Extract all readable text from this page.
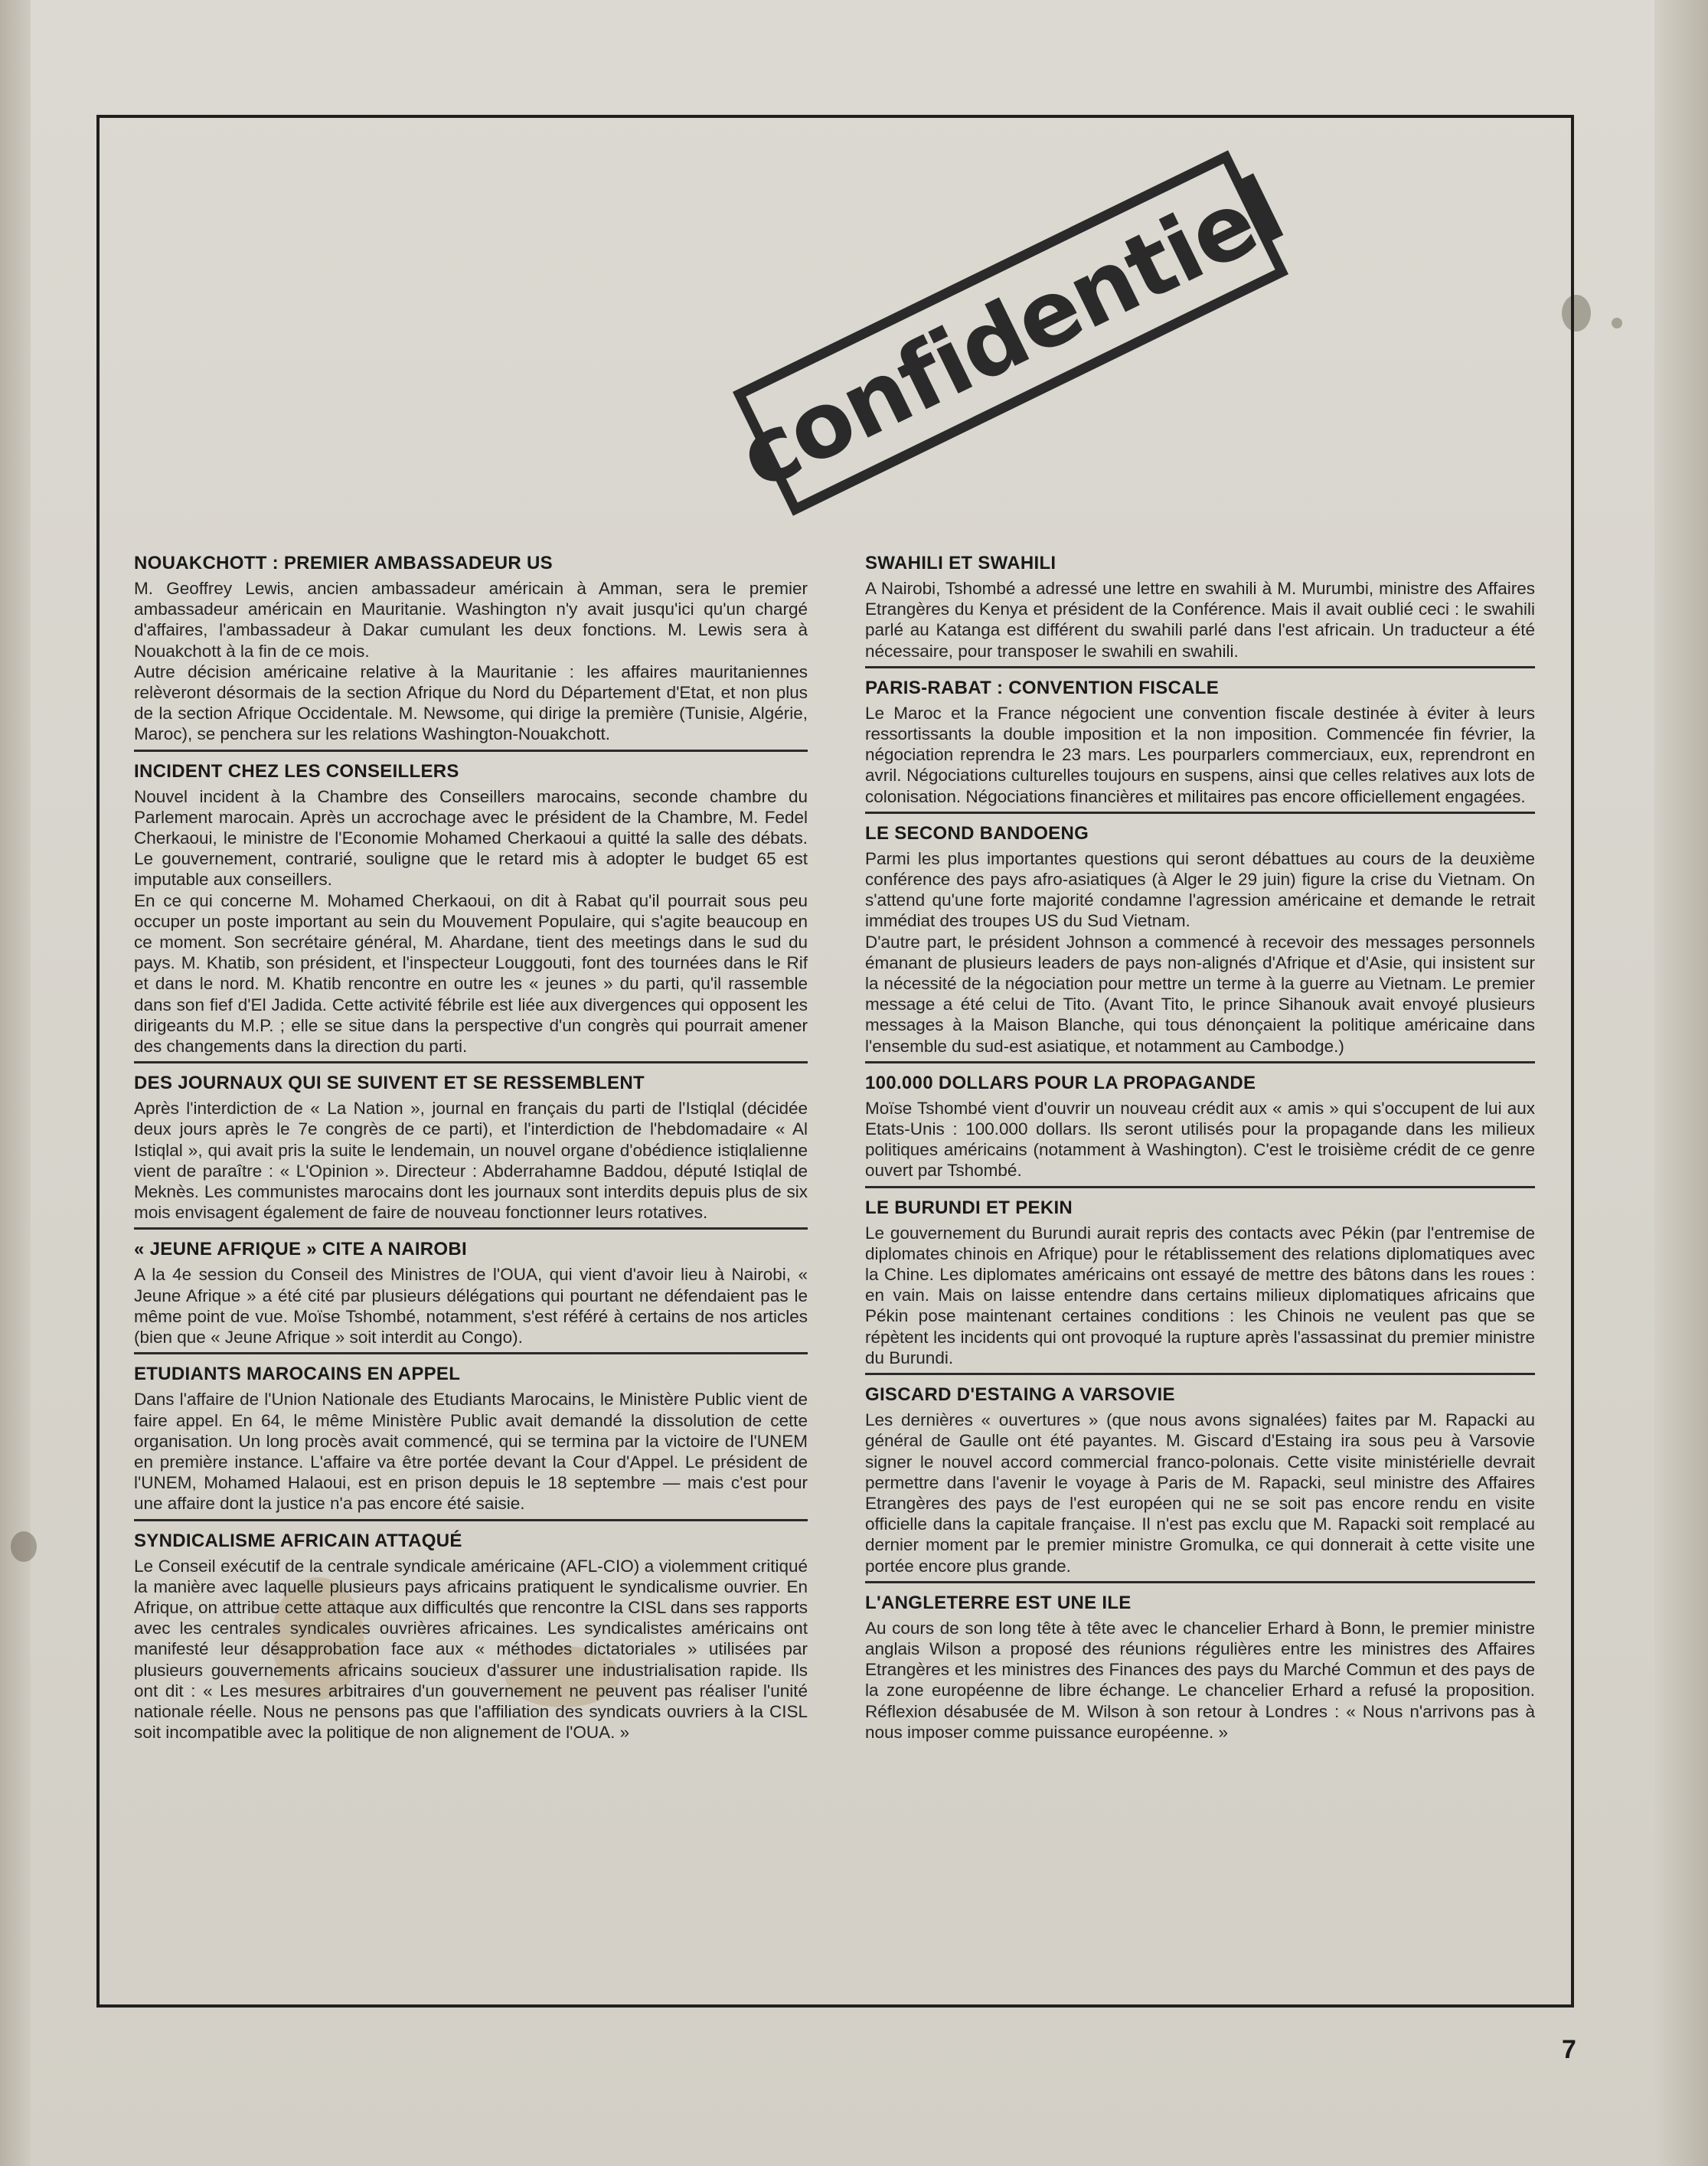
confidentiel
NOUAKCHOTT : PREMIER AMBASSADEUR US

M. Geoffrey Lewis, ancien ambassadeur américain à Amman, sera le premier ambassadeur américain en Mauritanie. Washington n'y avait jusqu'ici qu'un chargé d'affaires, l'ambassadeur à Dakar cumulant les deux fonctions. M. Lewis sera à Nouakchott à la fin de ce mois.
Autre décision américaine relative à la Mauritanie : les affaires mauritaniennes relèveront désormais de la section Afrique du Nord du Département d'Etat, et non plus de la section Afrique Occidentale. M. Newsome, qui dirige la première (Tunisie, Algérie, Maroc), se penchera sur les relations Washington-Nouakchott.

INCIDENT CHEZ LES CONSEILLERS

Nouvel incident à la Chambre des Conseillers marocains, seconde chambre du Parlement marocain. Après un accrochage avec le président de la Chambre, M. Fedel Cherkaoui, le ministre de l'Economie Mohamed Cherkaoui a quitté la salle des débats. Le gouvernement, contrarié, souligne que le retard mis à adopter le budget 65 est imputable aux conseillers.
En ce qui concerne M. Mohamed Cherkaoui, on dit à Rabat qu'il pourrait sous peu occuper un poste important au sein du Mouvement Populaire, qui s'agite beaucoup en ce moment. Son secrétaire général, M. Ahardane, tient des meetings dans le sud du pays. M. Khatib, son président, et l'inspecteur Louggouti, font des tournées dans le Rif et dans le nord. M. Khatib rencontre en outre les « jeunes » du parti, qu'il rassemble dans son fief d'El Jadida. Cette activité fébrile est liée aux divergences qui opposent les dirigeants du M.P. ; elle se situe dans la perspective d'un congrès qui pourrait amener des changements dans la direction du parti.

DES JOURNAUX QUI SE SUIVENT ET SE RESSEMBLENT

Après l'interdiction de « La Nation », journal en français du parti de l'Istiqlal (décidée deux jours après le 7e congrès de ce parti), et l'interdiction de l'hebdomadaire « Al Istiqlal », qui avait pris la suite le lendemain, un nouvel organe d'obédience istiqlalienne vient de paraître : « L'Opinion ». Directeur : Abderrahamne Baddou, député Istiqlal de Meknès. Les communistes marocains dont les journaux sont interdits depuis plus de six mois envisagent également de faire de nouveau fonctionner leurs rotatives.

« JEUNE AFRIQUE » CITE A NAIROBI

A la 4e session du Conseil des Ministres de l'OUA, qui vient d'avoir lieu à Nairobi, « Jeune Afrique » a été cité par plusieurs délégations qui pourtant ne défendaient pas le même point de vue. Moïse Tshombé, notamment, s'est référé à certains de nos articles (bien que « Jeune Afrique » soit interdit au Congo).

ETUDIANTS MAROCAINS EN APPEL

Dans l'affaire de l'Union Nationale des Etudiants Marocains, le Ministère Public vient de faire appel. En 64, le même Ministère Public avait demandé la dissolution de cette organisation. Un long procès avait commencé, qui se termina par la victoire de l'UNEM en première instance. L'affaire va être portée devant la Cour d'Appel. Le président de l'UNEM, Mohamed Halaoui, est en prison depuis le 18 septembre — mais c'est pour une affaire dont la justice n'a pas encore été saisie.

SYNDICALISME AFRICAIN ATTAQUÉ

Le Conseil exécutif de la centrale syndicale américaine (AFL-CIO) a violemment critiqué la manière avec laquelle plusieurs pays africains pratiquent le syndicalisme ouvrier. En Afrique, on attribue cette attaque aux difficultés que rencontre la CISL dans ses rapports avec les centrales syndicales ouvrières africaines. Les syndicalistes américains ont manifesté leur désapprobation face aux « méthodes dictatoriales » utilisées par plusieurs gouvernements africains soucieux d'assurer une industrialisation rapide. Ils ont dit : « Les mesures arbitraires d'un gouvernement ne peuvent pas réaliser l'unité nationale réelle. Nous ne pensons pas que l'affiliation des syndicats ouvriers à la CISL soit incompatible avec la politique de non alignement de l'OUA. »

SWAHILI ET SWAHILI

A Nairobi, Tshombé a adressé une lettre en swahili à M. Murumbi, ministre des Affaires Etrangères du Kenya et président de la Conférence. Mais il avait oublié ceci : le swahili parlé au Katanga est différent du swahili parlé dans l'est africain. Un traducteur a été nécessaire, pour transposer le swahili en swahili.

PARIS-RABAT : CONVENTION FISCALE

Le Maroc et la France négocient une convention fiscale destinée à éviter à leurs ressortissants la double imposition et la non imposition. Commencée fin février, la négociation reprendra le 23 mars. Les pourparlers commerciaux, eux, reprendront en avril. Négociations culturelles toujours en suspens, ainsi que celles relatives aux lots de colonisation. Négociations financières et militaires pas encore officiellement engagées.

LE SECOND BANDOENG

Parmi les plus importantes questions qui seront débattues au cours de la deuxième conférence des pays afro-asiatiques (à Alger le 29 juin) figure la crise du Vietnam. On s'attend qu'une forte majorité condamne l'agression américaine et demande le retrait immédiat des troupes US du Sud Vietnam.
D'autre part, le président Johnson a commencé à recevoir des messages personnels émanant de plusieurs leaders de pays non-alignés d'Afrique et d'Asie, qui insistent sur la nécessité de la négociation pour mettre un terme à la guerre au Vietnam. Le premier message a été celui de Tito. (Avant Tito, le prince Sihanouk avait envoyé plusieurs messages à la Maison Blanche, qui tous dénonçaient la politique américaine dans l'ensemble du sud-est asiatique, et notamment au Cambodge.)

100.000 DOLLARS POUR LA PROPAGANDE

Moïse Tshombé vient d'ouvrir un nouveau crédit aux « amis » qui s'occupent de lui aux Etats-Unis : 100.000 dollars. Ils seront utilisés pour la propagande dans les milieux politiques américains (notamment à Washington). C'est le troisième crédit de ce genre ouvert par Tshombé.

LE BURUNDI ET PEKIN

Le gouvernement du Burundi aurait repris des contacts avec Pékin (par l'entremise de diplomates chinois en Afrique) pour le rétablissement des relations diplomatiques avec la Chine. Les diplomates américains ont essayé de mettre des bâtons dans les roues : en vain. Mais on laisse entendre dans certains milieux diplomatiques africains que Pékin pose maintenant certaines conditions : les Chinois ne veulent pas que se répètent les incidents qui ont provoqué la rupture après l'assassinat du premier ministre du Burundi.

GISCARD D'ESTAING A VARSOVIE

Les dernières « ouvertures » (que nous avons signalées) faites par M. Rapacki au général de Gaulle ont été payantes. M. Giscard d'Estaing ira sous peu à Varsovie signer le nouvel accord commercial franco-polonais. Cette visite ministérielle devrait permettre dans l'avenir le voyage à Paris de M. Rapacki, seul ministre des Affaires Etrangères des pays de l'est européen qui ne se soit pas encore rendu en visite officielle dans la capitale française. Il n'est pas exclu que M. Rapacki soit remplacé au dernier moment par le premier ministre Gromulka, ce qui donnerait à cette visite une portée encore plus grande.

L'ANGLETERRE EST UNE ILE

Au cours de son long tête à tête avec le chancelier Erhard à Bonn, le premier ministre anglais Wilson a proposé des réunions régulières entre les ministres des Affaires Etrangères et les ministres des Finances des pays du Marché Commun et des pays de la zone européenne de libre échange. Le chancelier Erhard a refusé la proposition. Réflexion désabusée de M. Wilson à son retour à Londres : « Nous n'arrivons pas à nous imposer comme puissance européenne. »

7
